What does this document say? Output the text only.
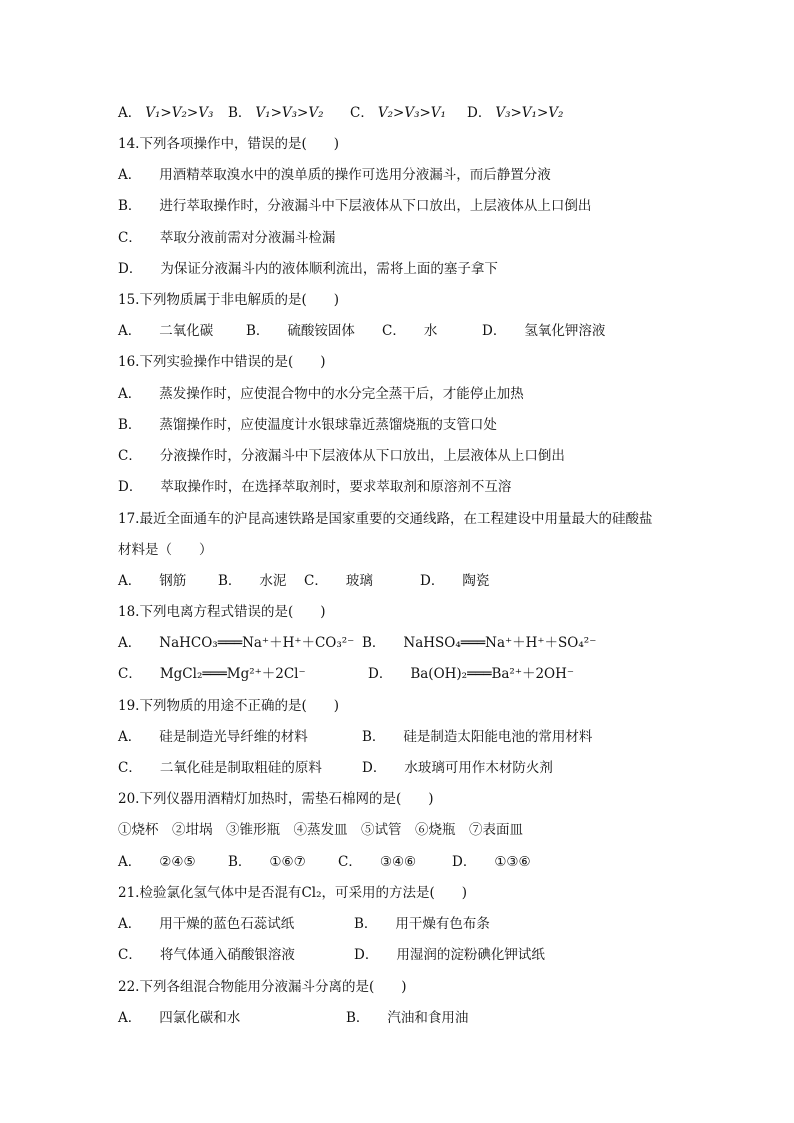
A． V₁>V₂>V₃ B． V₁>V₃>V₂ C． V₂>V₃>V₁ D． V₃>V₁>V₂
14.下列各项操作中，错误的是(　　)
A． 用酒精萃取溴水中的溴单质的操作可选用分液漏斗，而后静置分液
B． 进行萃取操作时，分液漏斗中下层液体从下口放出，上层液体从上口倒出
C． 萃取分液前需对分液漏斗检漏
D． 为保证分液漏斗内的液体顺利流出，需将上面的塞子拿下
15.下列物质属于非电解质的是(　　)
A． 二氧化碳 B． 硫酸铵固体 C． 水	D． 氢氧化钾溶液
16.下列实验操作中错误的是(　　)
A． 蒸发操作时，应使混合物中的水分完全蒸干后，才能停止加热
B． 蒸馏操作时，应使温度计水银球靠近蒸馏烧瓶的支管口处
C． 分液操作时，分液漏斗中下层液体从下口放出，上层液体从上口倒出
D． 萃取操作时，在选择萃取剂时，要求萃取剂和原溶剂不互溶
17.最近全面通车的沪昆高速铁路是国家重要的交通线路，在工程建设中用量最大的硅酸盐
材料是（　　）
A． 钢筋 B． 水泥 C． 玻璃	D． 陶瓷
18.下列电离方程式错误的是(　　)
A． NaHCO₃═══Na⁺＋H⁺＋CO₃²⁻ B． NaHSO₄═══Na⁺＋H⁺＋SO₄²⁻
C． MgCl₂═══Mg²⁺＋2Cl⁻	D． Ba(OH)₂═══Ba²⁺＋2OH⁻
19.下列物质的用途不正确的是(　　)
A． 硅是制造光导纤维的材料	B． 硅是制造太阳能电池的常用材料
C． 二氧化硅是制取粗硅的原料	D． 水玻璃可用作木材防火剂
20.下列仪器用酒精灯加热时，需垫石棉网的是(　　)
①烧杯　②坩埚　③锥形瓶　④蒸发皿　⑤试管　⑥烧瓶　⑦表面皿
A． ②④⑤ B． ①⑥⑦ C． ③④⑥	D． ①③⑥
21.检验氯化氢气体中是否混有Cl₂，可采用的方法是(　　)
A． 用干燥的蓝色石蕊试纸	B． 用干燥有色布条
C． 将气体通入硝酸银溶液	D． 用湿润的淀粉碘化钾试纸
22.下列各组混合物能用分液漏斗分离的是(　　)
A． 四氯化碳和水	B． 汽油和食用油
